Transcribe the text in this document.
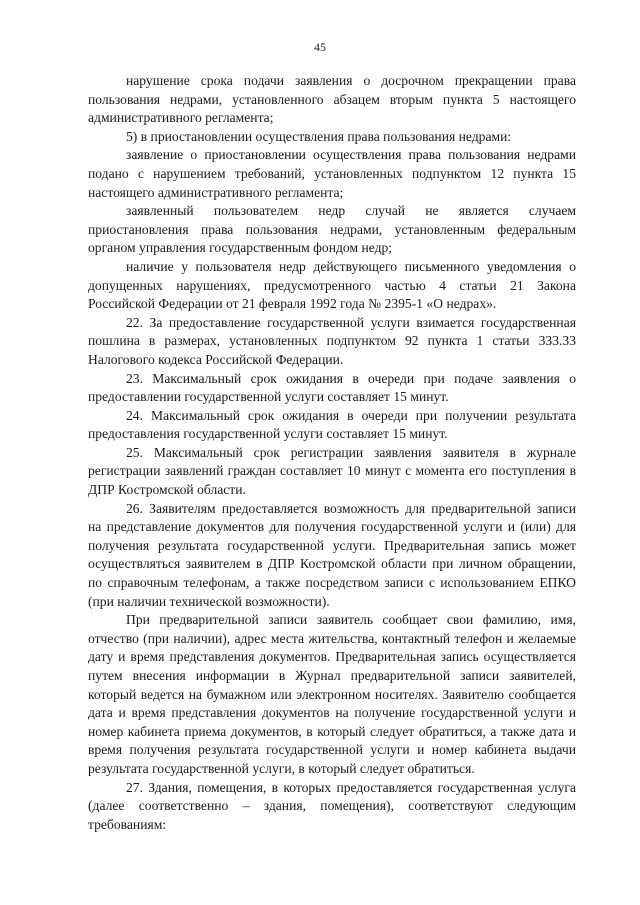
45

нарушение срока подачи заявления о досрочном прекращении права пользования недрами, установленного абзацем вторым пункта 5 настоящего административного регламента;

5) в приостановлении осуществления права пользования недрами:

заявление о приостановлении осуществления права пользования недрами подано с нарушением требований, установленных подпунктом 12 пункта 15 настоящего административного регламента;

заявленный пользователем недр случай не является случаем приостановления права пользования недрами, установленным федеральным органом управления государственным фондом недр;

наличие у пользователя недр действующего письменного уведомления о допущенных нарушениях, предусмотренного частью 4 статьи 21 Закона Российской Федерации от 21 февраля 1992 года № 2395-1 «О недрах».

22. За предоставление государственной услуги взимается государственная пошлина в размерах, установленных подпунктом 92 пункта 1 статьи 333.33 Налогового кодекса Российской Федерации.

23. Максимальный срок ожидания в очереди при подаче заявления о предоставлении государственной услуги составляет 15 минут.

24. Максимальный срок ожидания в очереди при получении результата предоставления государственной услуги составляет 15 минут.

25. Максимальный срок регистрации заявления заявителя в журнале регистрации заявлений граждан составляет 10 минут с момента его поступления в ДПР Костромской области.

26. Заявителям предоставляется возможность для предварительной записи на представление документов для получения государственной услуги и (или) для получения результата государственной услуги. Предварительная запись может осуществляться заявителем в ДПР Костромской области при личном обращении, по справочным телефонам, а также посредством записи с использованием ЕПКО (при наличии технической возможности).

При предварительной записи заявитель сообщает свои фамилию, имя, отчество (при наличии), адрес места жительства, контактный телефон и желаемые дату и время представления документов. Предварительная запись осуществляется путем внесения информации в Журнал предварительной записи заявителей, который ведется на бумажном или электронном носителях. Заявителю сообщается дата и время представления документов на получение государственной услуги и номер кабинета приема документов, в который следует обратиться, а также дата и время получения результата государственной услуги и номер кабинета выдачи результата государственной услуги, в который следует обратиться.

27. Здания, помещения, в которых предоставляется государственная услуга (далее соответственно – здания, помещения), соответствуют следующим требованиям:
